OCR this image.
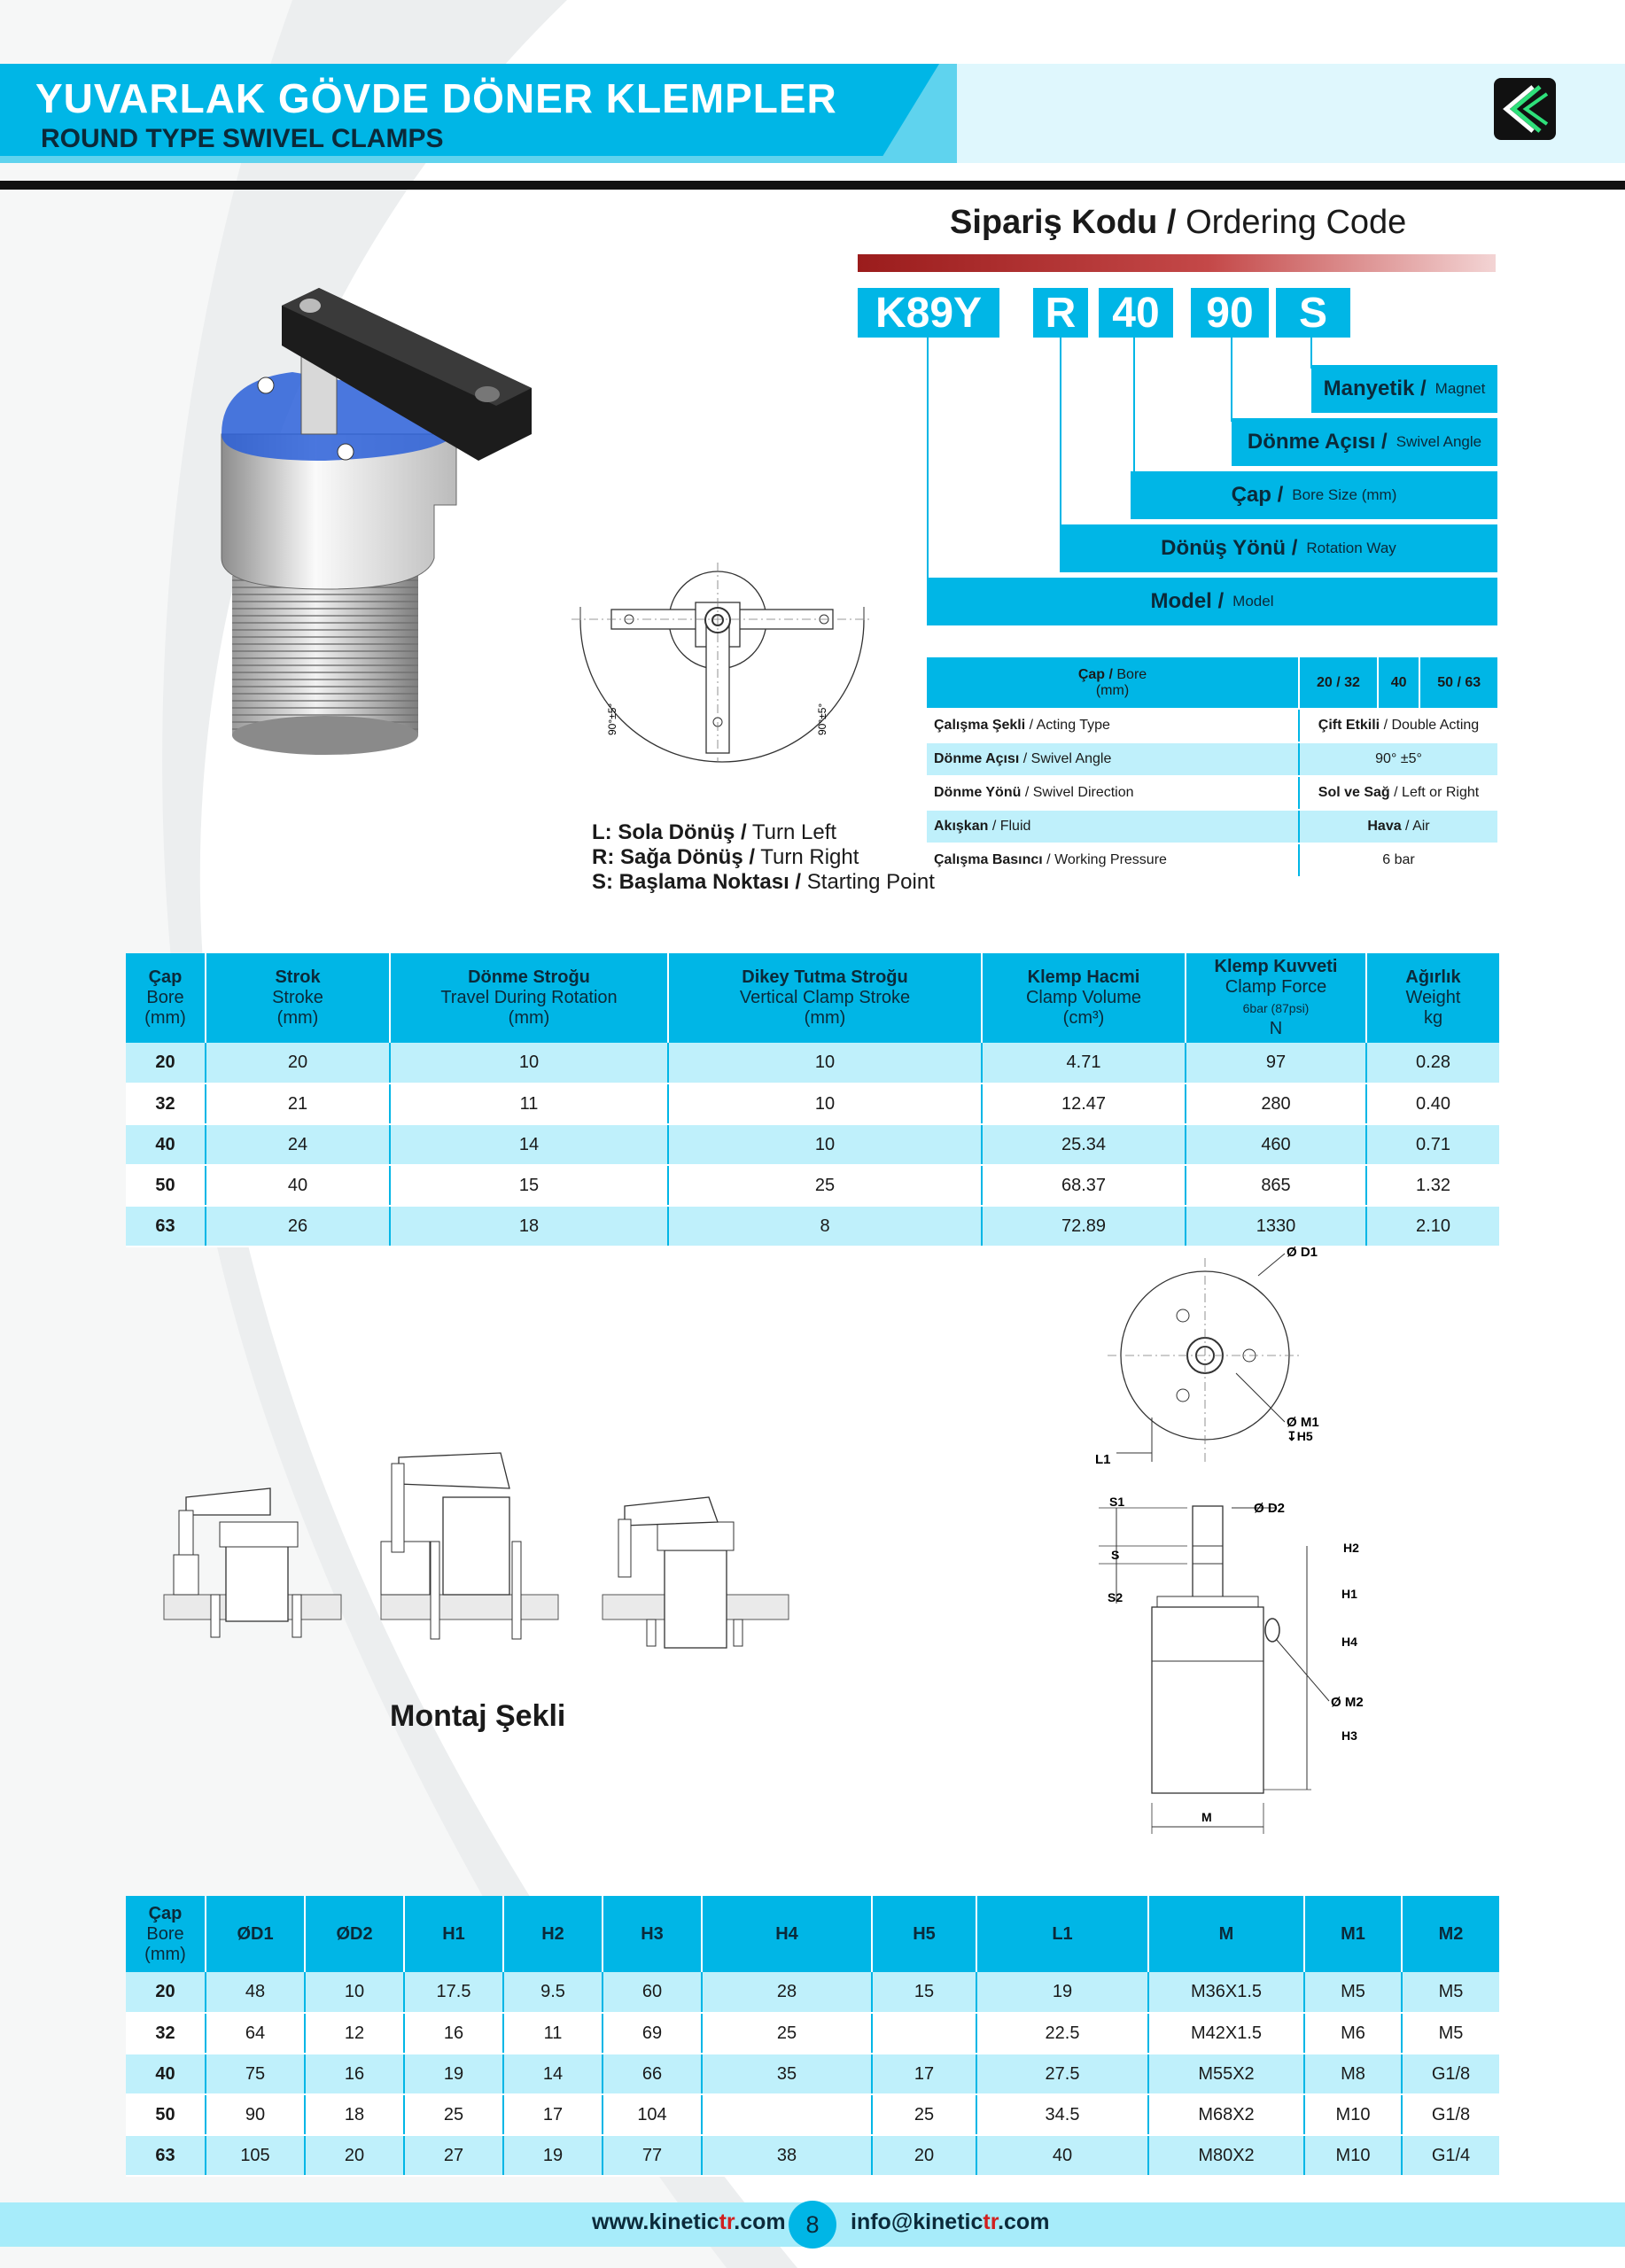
YUVARLAK GÖVDE DÖNER KLEMPLER
ROUND TYPE SWIVEL CLAMPS
Sipariş Kodu / Ordering Code
K89Y	R 40	90	S
Manyetik / Magnet
Dönme Açısı / Swivel Angle
Çap / Bore Size (mm)
Dönüş Yönü / Rotation Way
Model / Model
90°±5°	90°±5°
Çap / Bore
(mm)	20 / 32	40	50 / 63
Çalışma Şekli / Acting Type	Çift Etkili / Double Acting		
Dönme Açısı / Swivel Angle	90° ±5°		
Dönme Yönü / Swivel Direction	Sol ve Sağ / Left or Right		
Akışkan / Fluid	Hava / Air		
Çalışma Basıncı / Working Pressure	6 bar		
L: Sola Dönüş / Turn Left
R: Sağa Dönüş / Turn Right
S: Başlama Noktası / Starting Point
Çap
Bore
(mm)	Strok
Stroke
(mm)	Dönme Stroğu
Travel During Rotation
(mm)	Dikey Tutma Stroğu
Vertical Clamp Stroke
(mm)	Klemp Hacmi
Clamp Volume
(cm³)	Klemp Kuvveti
Clamp Force
6bar (87psi)
N	Ağırlık
Weight
kg
20	20	10	10	4.71	97	0.28
32	21	11	10	12.47	280	0.40
40	24	14	10	25.34	460	0.71
50	40	15	25	68.37	865	1.32
63	26	18	8	72.89	1330	2.10
Ø D1
Ø M1
↧H5
L1
S1
S
S2
Ø D2
H2
H1
H4
Ø M2
H3
M
Montaj Şekli
Çap
Bore
(mm)	ØD1	ØD2	H1	H2	H3	H4	H5	L1	M	M1	M2
20	48	10	17.5	9.5	60	28	15	19	M36X1.5	M5	M5
32	64	12	16	11	69	25		22.5	M42X1.5	M6	M5
40	75	16	19	14	66	35	17	27.5	M55X2	M8	G1/8
50	90	18	25	17	104		25	34.5	M68X2	M10	G1/8
63	105	20	27	19	77	38	20	40	M80X2	M10	G1/4
www.kinetictr.com 8	info@kinetictr.com
